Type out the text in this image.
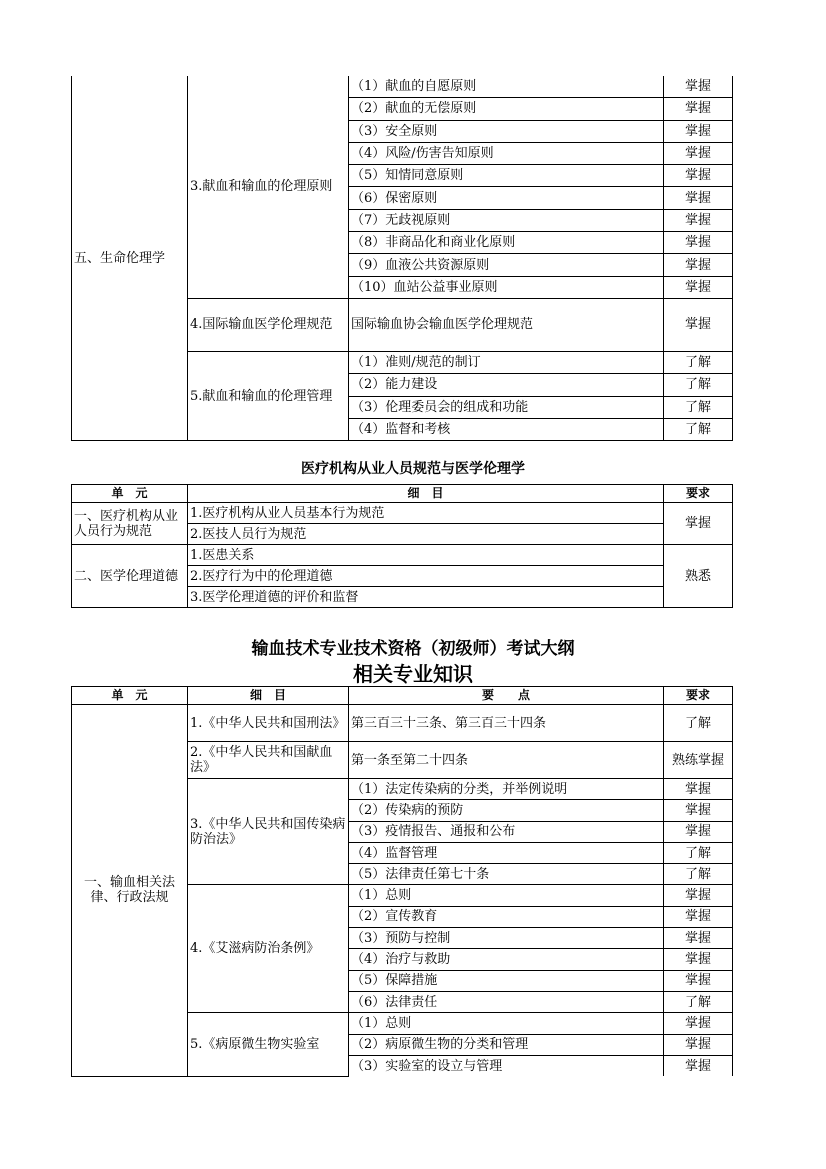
五、生命伦理学	3.献血和输血的伦理原则	（1）献血的自愿原则	掌握
		（2）献血的无偿原则	掌握
		（3）安全原则	掌握
		（4）风险/伤害告知原则	掌握
		（5）知情同意原则	掌握
		（6）保密原则	掌握
		（7）无歧视原则	掌握
		（8）非商品化和商业化原则	掌握
		（9）血液公共资源原则	掌握
		（10）血站公益事业原则	掌握
	4.国际输血医学伦理规范	国际输血协会输血医学伦理规范	掌握
	5.献血和输血的伦理管理	（1）准则/规范的制订	了解
		（2）能力建设	了解
		（3）伦理委员会的组成和功能	了解
		（4）监督和考核	了解
医疗机构从业人员规范与医学伦理学
单　元	细　目	要求
一、医疗机构从业人员行为规范	1.医疗机构从业人员基本行为规范	掌握
	2.医技人员行为规范	
二、医学伦理道德	1.医患关系	熟悉
	2.医疗行为中的伦理道德	
	3.医学伦理道德的评价和监督	
输血技术专业技术资格（初级师）考试大纲
相关专业知识
单　元	细　目	要　　点	要求
一、输血相关法律、行政法规	1.《中华人民共和国刑法》	第三百三十三条、第三百三十四条	了解
	2.《中华人民共和国献血法》	第一条至第二十四条	熟练掌握
	3.《中华人民共和国传染病防治法》	（1）法定传染病的分类，并举例说明	掌握
		（2）传染病的预防	掌握
		（3）疫情报告、通报和公布	掌握
		（4）监督管理	了解
		（5）法律责任第七十条	了解
	4.《艾滋病防治条例》	（1）总则	掌握
		（2）宣传教育	掌握
		（3）预防与控制	掌握
		（4）治疗与救助	掌握
		（5）保障措施	掌握
		（6）法律责任	了解
	5.《病原微生物实验室	（1）总则	掌握
		（2）病原微生物的分类和管理	掌握
		（3）实验室的设立与管理	掌握
